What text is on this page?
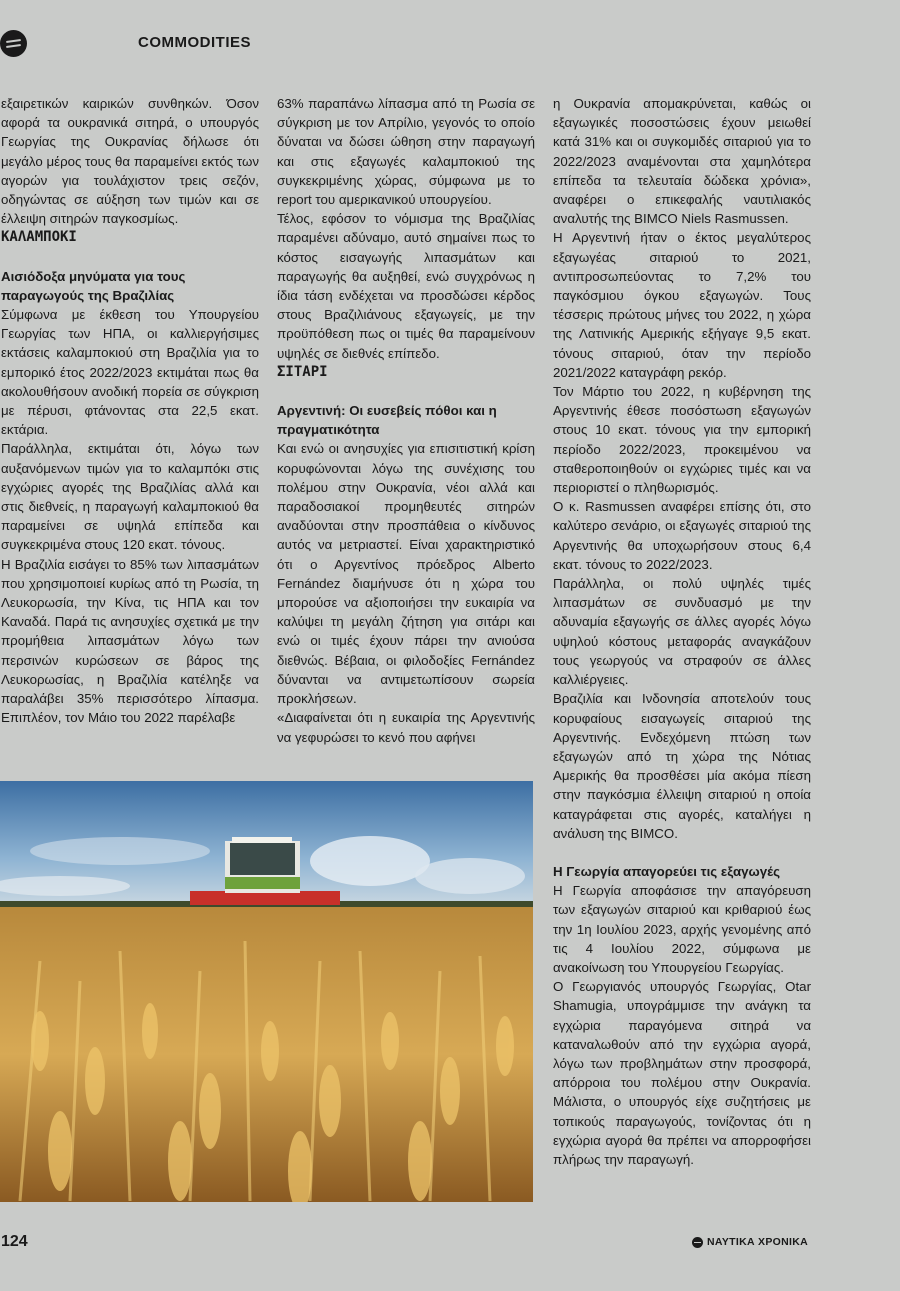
COMMODITIES

εξαιρετικών καιρικών συνθηκών. Όσον αφορά τα ουκρανικά σιτηρά, ο υπουργός Γεωργίας της Ουκρανίας δήλωσε ότι μεγάλο μέρος τους θα παραμείνει εκτός των αγορών για τουλάχιστον τρεις σεζόν, οδηγώντας σε αύξηση των τιμών και σε έλλειψη σιτηρών παγκοσμίως.

ΚΑΛΑΜΠΟΚΙ

Αισιόδοξα μηνύματα για τους παραγωγούς της Βραζιλίας

Σύμφωνα με έκθεση του Υπουργείου Γεωργίας των ΗΠΑ, οι καλλιεργήσιμες εκτάσεις καλαμποκιού στη Βραζιλία για το εμπορικό έτος 2022/2023 εκτιμάται πως θα ακολουθήσουν ανοδική πορεία σε σύγκριση με πέρυσι, φτάνοντας στα 22,5 εκατ. εκτάρια.

Παράλληλα, εκτιμάται ότι, λόγω των αυξανόμενων τιμών για το καλαμπόκι στις εγχώριες αγορές της Βραζιλίας αλλά και στις διεθνείς, η παραγωγή καλαμποκιού θα παραμείνει σε υψηλά επίπεδα και συγκεκριμένα στους 120 εκατ. τόνους.

Η Βραζιλία εισάγει το 85% των λιπασμάτων που χρησιμοποιεί κυρίως από τη Ρωσία, τη Λευκορωσία, την Κίνα, τις ΗΠΑ και τον Καναδά. Παρά τις ανησυχίες σχετικά με την προμήθεια λιπασμάτων λόγω των περσινών κυρώσεων σε βάρος της Λευκορωσίας, η Βραζιλία κατέληξε να παραλάβει 35% περισσότερο λίπασμα. Επιπλέον, τον Μάιο του 2022 παρέλαβε

63% παραπάνω λίπασμα από τη Ρωσία σε σύγκριση με τον Απρίλιο, γεγονός το οποίο δύναται να δώσει ώθηση στην παραγωγή και στις εξαγωγές καλαμποκιού της συγκεκριμένης χώρας, σύμφωνα με το report του αμερικανικού υπουργείου.

Τέλος, εφόσον το νόμισμα της Βραζιλίας παραμένει αδύναμο, αυτό σημαίνει πως το κόστος εισαγωγής λιπασμάτων και παραγωγής θα αυξηθεί, ενώ συγχρόνως η ίδια τάση ενδέχεται να προσδώσει κέρδος στους Βραζιλιάνους εξαγωγείς, με την προϋπόθεση πως οι τιμές θα παραμείνουν υψηλές σε διεθνές επίπεδο.

ΣΙΤΑΡΙ

Αργεντινή: Οι ευσεβείς πόθοι και η πραγματικότητα

Και ενώ οι ανησυχίες για επισιτιστική κρίση κορυφώνονται λόγω της συνέχισης του πολέμου στην Ουκρανία, νέοι αλλά και παραδοσιακοί προμηθευτές σιτηρών αναδύονται στην προσπάθεια ο κίνδυνος αυτός να μετριαστεί. Είναι χαρακτηριστικό ότι ο Αργεντίνος πρόεδρος Alberto Fernández διαμήνυσε ότι η χώρα του μπορούσε να αξιοποιήσει την ευκαιρία να καλύψει τη μεγάλη ζήτηση για σιτάρι και ενώ οι τιμές έχουν πάρει την ανιούσα διεθνώς. Βέβαια, οι φιλοδοξίες Fernández δύνανται να αντιμετωπίσουν σωρεία προκλήσεων.

«Διαφαίνεται ότι η ευκαιρία της Αργεντινής να γεφυρώσει το κενό που αφήνει

η Ουκρανία απομακρύνεται, καθώς οι εξαγωγικές ποσοστώσεις έχουν μειωθεί κατά 31% και οι συγκομιδές σιταριού για το 2022/2023 αναμένονται στα χαμηλότερα επίπεδα τα τελευταία δώδεκα χρόνια», αναφέρει ο επικεφαλής ναυτιλιακός αναλυτής της BIMCO Niels Rasmussen.

Η Αργεντινή ήταν ο έκτος μεγαλύτερος εξαγωγέας σιταριού το 2021, αντιπροσωπεύοντας το 7,2% του παγκόσμιου όγκου εξαγωγών. Τους τέσσερις πρώτους μήνες του 2022, η χώρα της Λατινικής Αμερικής εξήγαγε 9,5 εκατ. τόνους σιταριού, όταν την περίοδο 2021/2022 καταγράφη ρεκόρ.

Τον Μάρτιο του 2022, η κυβέρνηση της Αργεντινής έθεσε ποσόστωση εξαγωγών στους 10 εκατ. τόνους για την εμπορική περίοδο 2022/2023, προκειμένου να σταθεροποιηθούν οι εγχώριες τιμές και να περιοριστεί ο πληθωρισμός.

Ο κ. Rasmussen αναφέρει επίσης ότι, στο καλύτερο σενάριο, οι εξαγωγές σιταριού της Αργεντινής θα υποχωρήσουν στους 6,4 εκατ. τόνους το 2022/2023.

Παράλληλα, οι πολύ υψηλές τιμές λιπασμάτων σε συνδυασμό με την αδυναμία εξαγωγής σε άλλες αγορές λόγω υψηλού κόστους μεταφοράς αναγκάζουν τους γεωργούς να στραφούν σε άλλες καλλιέργειες.

Βραζιλία και Ινδονησία αποτελούν τους κορυφαίους εισαγωγείς σιταριού της Αργεντινής. Ενδεχόμενη πτώση των εξαγωγών από τη χώρα της Νότιας Αμερικής θα προσθέσει μία ακόμα πίεση στην παγκόσμια έλλειψη σιταριού η οποία καταγράφεται στις αγορές, καταλήγει η ανάλυση της BIMCO.

Η Γεωργία απαγορεύει τις εξαγωγές

Η Γεωργία αποφάσισε την απαγόρευση των εξαγωγών σιταριού και κριθαριού έως την 1η Ιουλίου 2023, αρχής γενομένης από τις 4 Ιουλίου 2022, σύμφωνα με ανακοίνωση του Υπουργείου Γεωργίας.

Ο Γεωργιανός υπουργός Γεωργίας, Otar Shamugia, υπογράμμισε την ανάγκη τα εγχώρια παραγόμενα σιτηρά να καταναλωθούν από την εγχώρια αγορά, λόγω των προβλημάτων στην προσφορά, απόρροια του πολέμου στην Ουκρανία. Μάλιστα, ο υπουργός είχε συζητήσεις με τοπικούς παραγωγούς, τονίζοντας ότι η εγχώρια αγορά θα πρέπει να απορροφήσει πλήρως την παραγωγή.

124	ΝΑΥΤΙΚΑ ΧΡΟΝΙΚΑ
